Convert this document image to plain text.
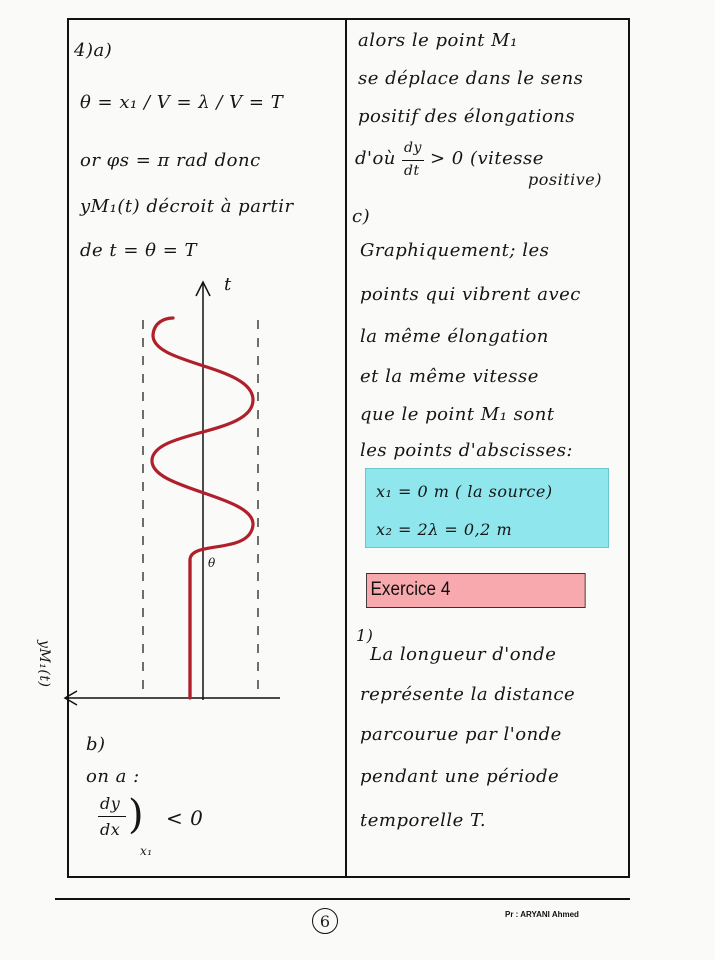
4)a)
θ = x₁ / V = λ / V = T
or φs = π rad donc
yM₁(t) décroit à partir
de t = θ = T
t
θ
yM₁(t)
b)
on a :
dy
dx )
x₁
< 0
alors le point M₁
se déplace dans le sens
positif des élongations
d'où dy
dt
> 0 (vitesse
positive)
c)
Graphiquement; les
points qui vibrent avec
la même élongation
et la même vitesse
que le point M₁ sont
les points d'abscisses:
x₁ = 0 m ( la source)
x₂ = 2λ = 0,2 m
Exercice 4
1)
La longueur d'onde
représente la distance
parcourue par l'onde
pendant une période
temporelle T.
6	Pr : ARYANI Ahmed
